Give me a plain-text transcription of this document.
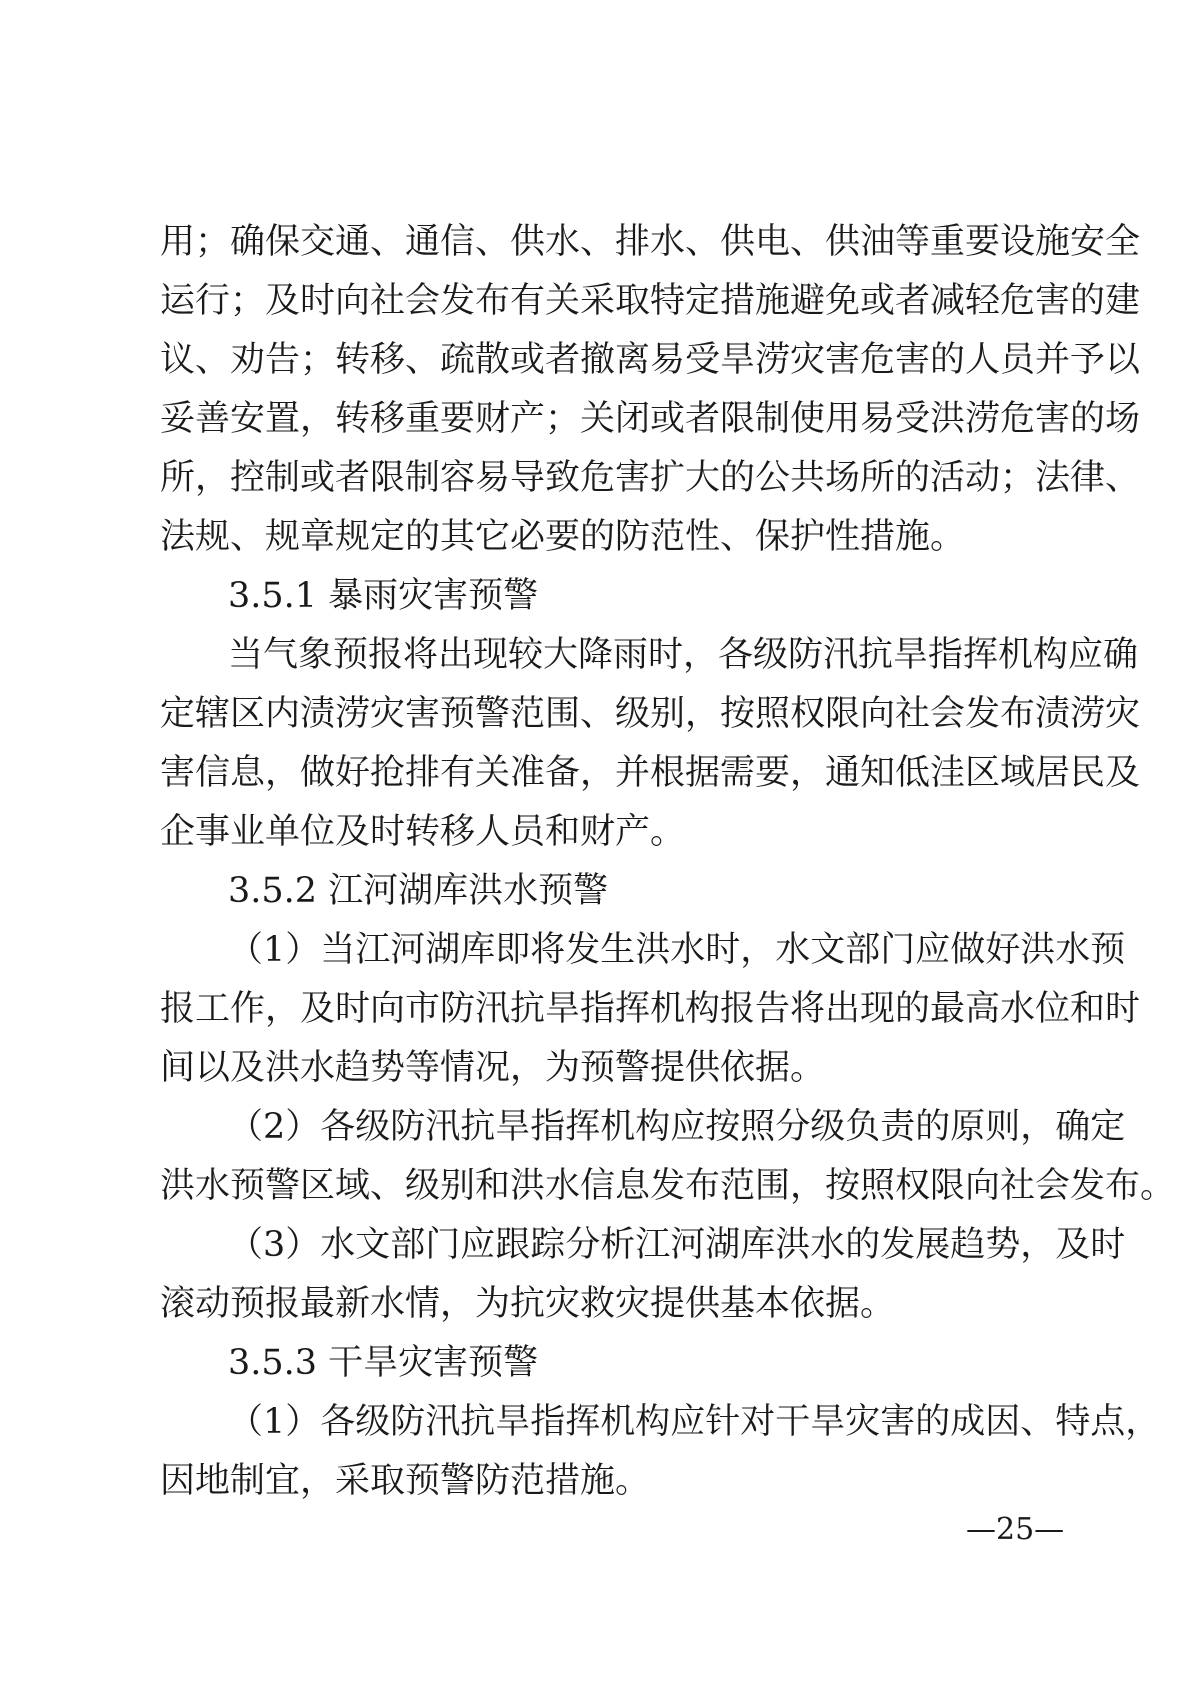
用；确保交通、通信、供水、排水、供电、供油等重要设施安全
运行；及时向社会发布有关采取特定措施避免或者减轻危害的建
议、劝告；转移、疏散或者撤离易受旱涝灾害危害的人员并予以
妥善安置，转移重要财产；关闭或者限制使用易受洪涝危害的场
所，控制或者限制容易导致危害扩大的公共场所的活动；法律、
法规、规章规定的其它必要的防范性、保护性措施。
3.5.1 暴雨灾害预警
当气象预报将出现较大降雨时，各级防汛抗旱指挥机构应确
定辖区内渍涝灾害预警范围、级别，按照权限向社会发布渍涝灾
害信息，做好抢排有关准备，并根据需要，通知低洼区域居民及
企事业单位及时转移人员和财产。
3.5.2 江河湖库洪水预警
（1）当江河湖库即将发生洪水时，水文部门应做好洪水预
报工作，及时向市防汛抗旱指挥机构报告将出现的最高水位和时
间以及洪水趋势等情况，为预警提供依据。
（2）各级防汛抗旱指挥机构应按照分级负责的原则，确定
洪水预警区域、级别和洪水信息发布范围，按照权限向社会发布。
（3）水文部门应跟踪分析江河湖库洪水的发展趋势，及时
滚动预报最新水情，为抗灾救灾提供基本依据。
3.5.3 干旱灾害预警
（1）各级防汛抗旱指挥机构应针对干旱灾害的成因、特点，
因地制宜，采取预警防范措施。
—25—
